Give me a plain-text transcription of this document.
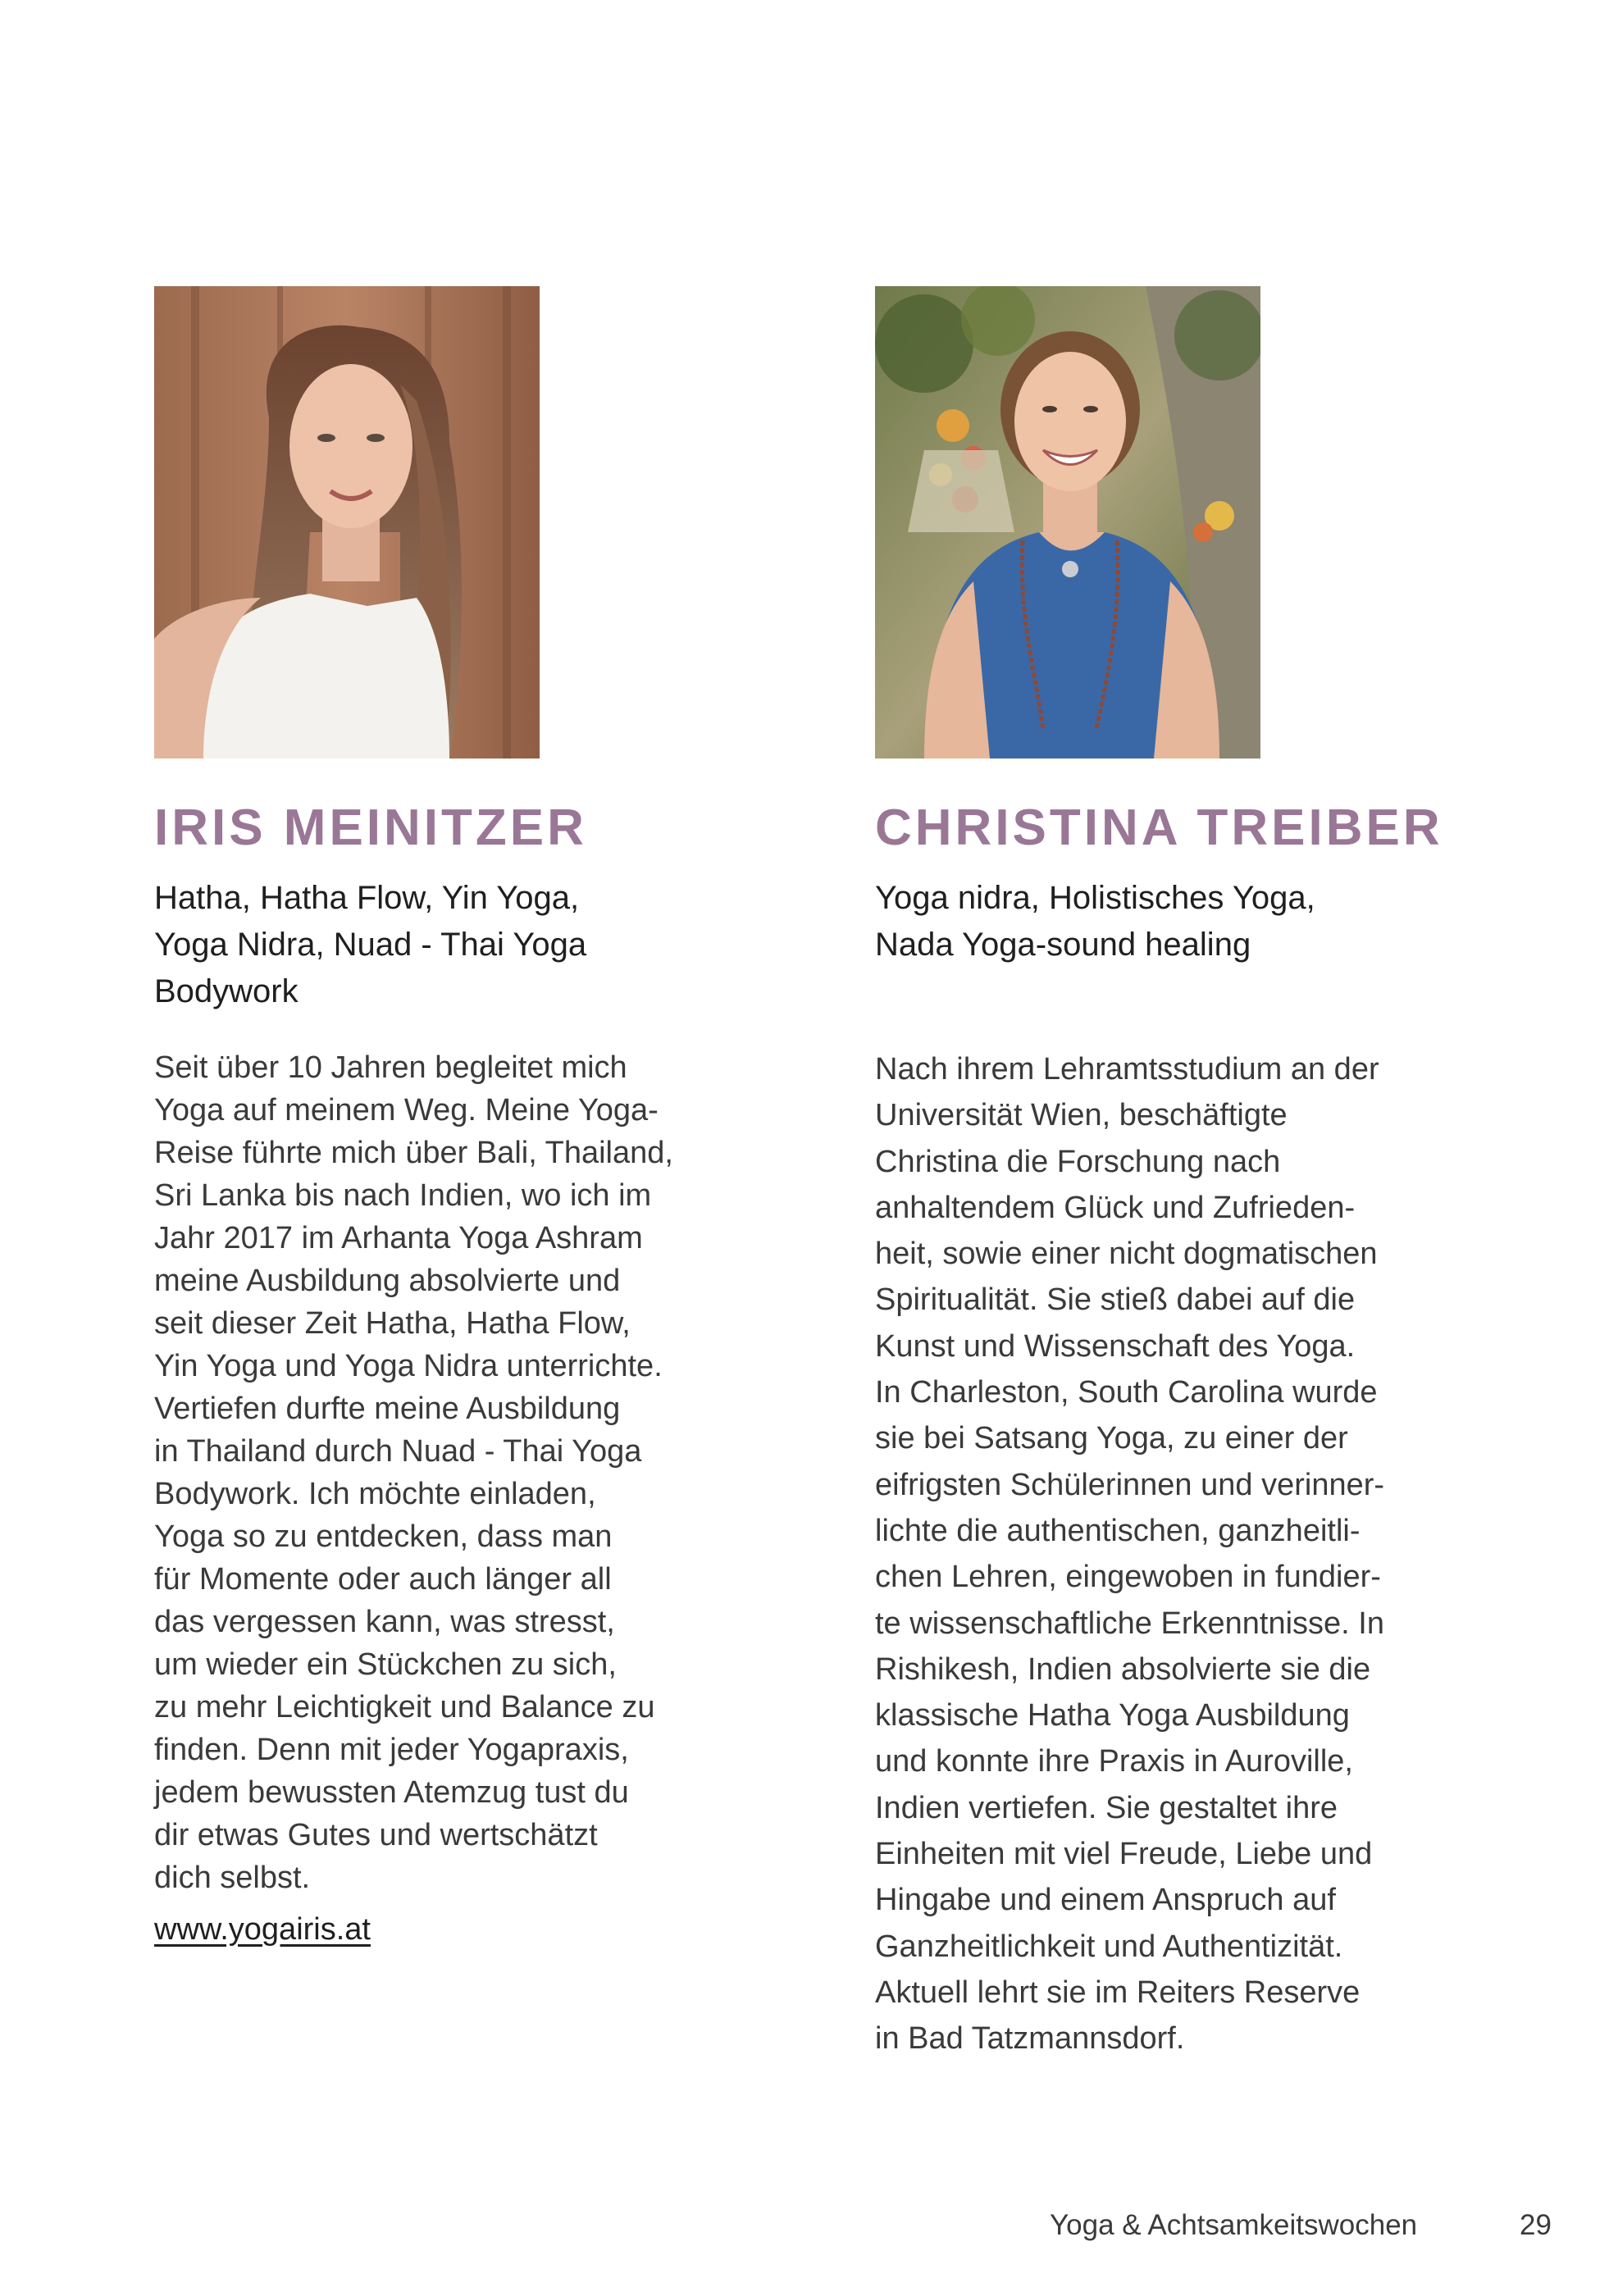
IRIS MEINITZER
Hatha, Hatha Flow, Yin Yoga,
Yoga Nidra, Nuad - Thai Yoga
Bodywork
Seit über 10 Jahren begleitet mich
Yoga auf meinem Weg. Meine Yoga-
Reise führte mich über Bali, Thailand,
Sri Lanka bis nach Indien, wo ich im
Jahr 2017 im Arhanta Yoga Ashram
meine Ausbildung absolvierte und
seit dieser Zeit Hatha, Hatha Flow,
Yin Yoga und Yoga Nidra unterrichte.
Vertiefen durfte meine Ausbildung
in Thailand durch Nuad - Thai Yoga
Bodywork. Ich möchte einladen,
Yoga so zu entdecken, dass man
für Momente oder auch länger all
das vergessen kann, was stresst,
um wieder ein Stückchen zu sich,
zu mehr Leichtigkeit und Balance zu
finden. Denn mit jeder Yogapraxis,
jedem bewussten Atemzug tust du
dir etwas Gutes und wertschätzt
dich selbst.
www.yogairis.at
CHRISTINA TREIBER
Yoga nidra, Holistisches Yoga,
Nada Yoga-sound healing
Nach ihrem Lehramtsstudium an der
Universität Wien, beschäftigte
Christina die Forschung nach
anhaltendem Glück und Zufrieden-
heit, sowie einer nicht dogmatischen
Spiritualität. Sie stieß dabei auf die
Kunst und Wissenschaft des Yoga.
In Charleston, South Carolina wurde
sie bei Satsang Yoga, zu einer der
eifrigsten Schülerinnen und verinner-
lichte die authentischen, ganzheitli-
chen Lehren, eingewoben in fundier-
te wissenschaftliche Erkenntnisse. In
Rishikesh, Indien absolvierte sie die
klassische Hatha Yoga Ausbildung
und konnte ihre Praxis in Auroville,
Indien vertiefen. Sie gestaltet ihre
Einheiten mit viel Freude, Liebe und
Hingabe und einem Anspruch auf
Ganzheitlichkeit und Authentizität.
Aktuell lehrt sie im Reiters Reserve
in Bad Tatzmannsdorf.
Yoga & Achtsamkeitswochen	29
